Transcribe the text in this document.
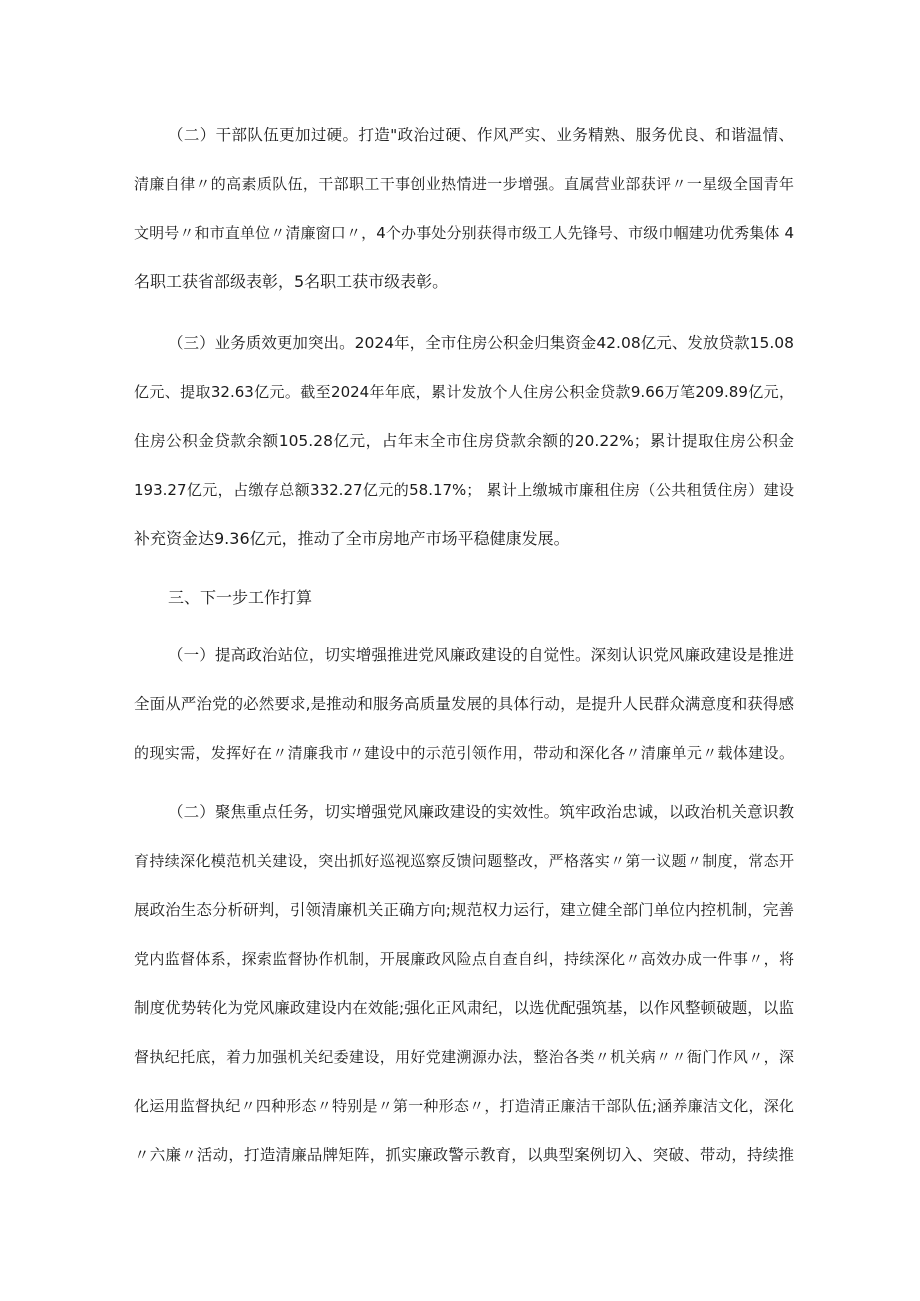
（二）干部队伍更加过硬。打造"政治过硬、作风严实、业务精熟、服务优良、和谐温情、
清廉自律〃的高素质队伍，干部职工干事创业热情进一步增强。直属营业部获评〃一星级全国青年
文明号〃和市直单位〃清廉窗口〃，4个办事处分别获得市级工人先锋号、市级巾帼建功优秀集体 4
名职工获省部级表彰，5名职工获市级表彰。
（三）业务质效更加突出。2024年，全市住房公积金归集资金42.08亿元、发放贷款15.08
亿元、提取32.63亿元。截至2024年年底，累计发放个人住房公积金贷款9.66万笔209.89亿元，
住房公积金贷款余额105.28亿元，占年末全市住房贷款余额的20.22%；累计提取住房公积金
193.27亿元，占缴存总额332.27亿元的58.17%； 累计上缴城市廉租住房（公共租赁住房）建设
补充资金达9.36亿元，推动了全市房地产市场平稳健康发展。
三、下一步工作打算
（一）提高政治站位，切实增强推进党风廉政建设的自觉性。深刻认识党风廉政建设是推进
全面从严治党的必然要求,是推动和服务高质量发展的具体行动，是提升人民群众满意度和获得感
的现实需，发挥好在〃清廉我市〃建设中的示范引领作用，带动和深化各〃清廉单元〃载体建设。
（二）聚焦重点任务，切实增强党风廉政建设的实效性。筑牢政治忠诚，以政治机关意识教
育持续深化模范机关建设，突出抓好巡视巡察反馈问题整改，严格落实〃第一议题〃制度，常态开
展政治生态分析研判，引领清廉机关正确方向;规范权力运行，建立健全部门单位内控机制，完善
党内监督体系，探索监督协作机制，开展廉政风险点自查自纠，持续深化〃高效办成一件事〃，将
制度优势转化为党风廉政建设内在效能;强化正风肃纪，以选优配强筑基，以作风整顿破题，以监
督执纪托底，着力加强机关纪委建设，用好党建溯源办法，整治各类〃机关病〃〃衙门作风〃，深
化运用监督执纪〃四种形态〃特别是〃第一种形态〃，打造清正廉洁干部队伍;涵养廉洁文化，深化
〃六廉〃活动，打造清廉品牌矩阵，抓实廉政警示教育，以典型案例切入、突破、带动，持续推
